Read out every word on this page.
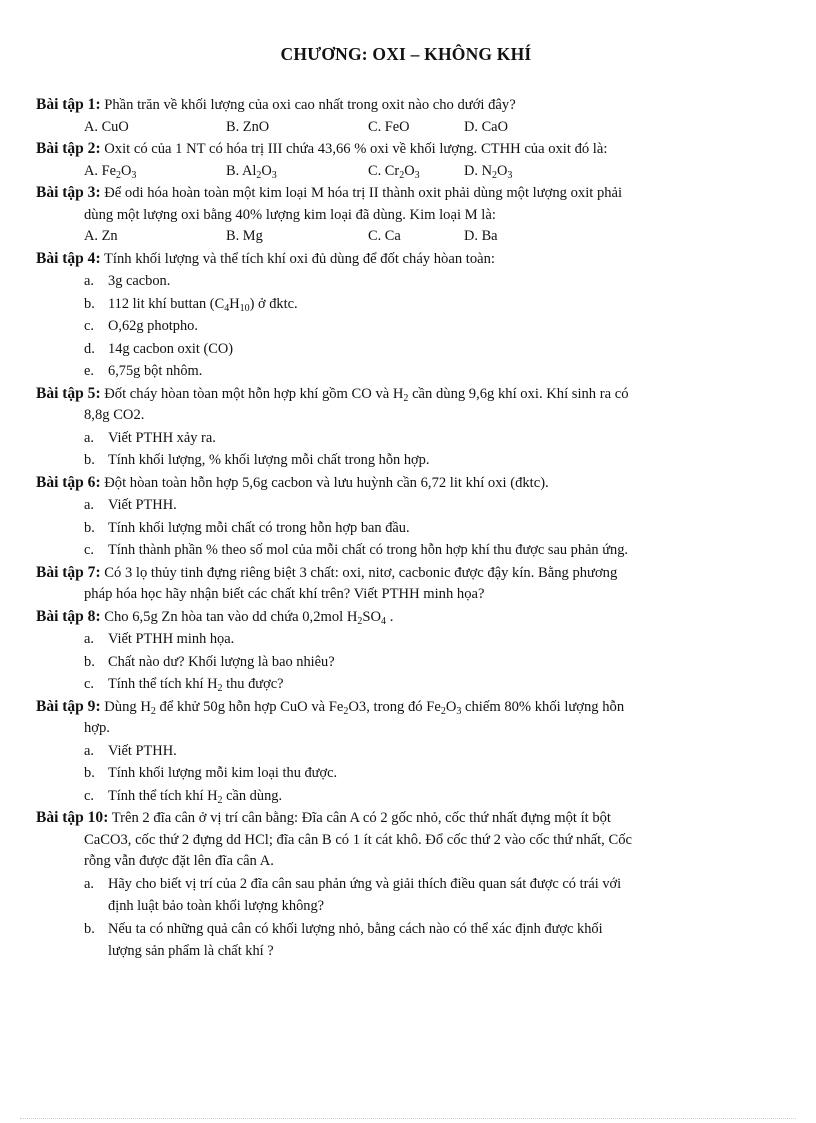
CHƯƠNG: OXI – KHÔNG KHÍ
Bài tập 1: Phần trăn về khối lượng của oxi cao nhất trong oxit nào cho dưới đây?
A. CuO	B. ZnO	C. FeO	D. CaO
Bài tập 2: Oxit có của 1 NT có hóa trị III chứa 43,66 % oxi về khối lượng. CTHH của oxit đó là:
A. $Fe_2O_3$	B. $Al_2O_3$	C. $Cr_2O_3$	D. $N_2O_3$
Bài tập 3: Để odi hóa hoàn toàn một kim loại M hóa trị II thành oxit phải dùng một lượng oxit phải
dùng một lượng oxi bằng 40% lượng kim loại đã dùng. Kim loại M là:
A. Zn	B. Mg	C. Ca	D. Ba
Bài tập 4: Tính khối lượng và thể tích khí oxi đủ dùng để đốt cháy hòan toàn:
a. 3g cacbon.
b. 112 lit khí buttan $(C_4H_{10})$ ở đktc.
c. O,62g photpho.
d. 14g cacbon oxit (CO)
e. 6,75g bột nhôm.
Bài tập 5: Đốt cháy hòan tòan một hỗn hợp khí gồm CO và $H_2$ cần dùng 9,6g khí oxi. Khí sinh ra có
8,8g CO2.
a. Viết PTHH xảy ra.
b. Tính khối lượng, % khối lượng mỗi chất trong hỗn hợp.
Bài tập 6: Đột hòan toàn hỗn hợp 5,6g cacbon và lưu huỳnh cần 6,72 lit khí oxi (đktc).
a. Viết PTHH.
b. Tính khối lượng mỗi chất có trong hỗn hợp ban đầu.
c. Tính thành phần % theo số mol của mỗi chất có trong hỗn hợp khí thu được sau phản ứng.
Bài tập 7: Có 3 lọ thủy tinh đựng riêng biệt 3 chất: oxi, nitơ, cacbonic được đậy kín. Bằng phương
pháp hóa học hãy nhận biết các chất khí trên? Viết PTHH minh họa?
Bài tập 8: Cho 6,5g Zn hòa tan vào dd chứa 0,2mol $H_2SO_4$ .
a. Viết PTHH minh họa.
b. Chất nào dư? Khối lượng là bao nhiêu?
c. Tính thể tích khí $H_2$ thu được?
Bài tập 9: Dùng $H_2$ để khử 50g hỗn hợp CuO và $Fe_2O3$, trong đó $Fe_2O_3$ chiếm 80% khối lượng hỗn
hợp.
a. Viết PTHH.
b. Tính khối lượng mỗi kim loại thu được.
c. Tính thể tích khí $H_2$ cần dùng.
Bài tập 10: Trên 2 đĩa cân ở vị trí cân bằng: Đĩa cân A có 2 gốc nhỏ, cốc thứ nhất đựng một ít bột
CaCO3, cốc thứ 2 đựng dd HCl; đĩa cân B có 1 ít cát khô. Đổ cốc thứ 2 vào cốc thứ nhất, Cốc
rỗng vẫn được đặt lên đĩa cân A.
a. Hãy cho biết vị trí của 2 đĩa cân sau phản ứng và giải thích điều quan sát được có trái với
định luật bảo toàn khối lượng không?
b. Nếu ta có những quả cân có khối lượng nhỏ, bằng cách nào có thể xác định được khối
lượng sản phẩm là chất khí ?
